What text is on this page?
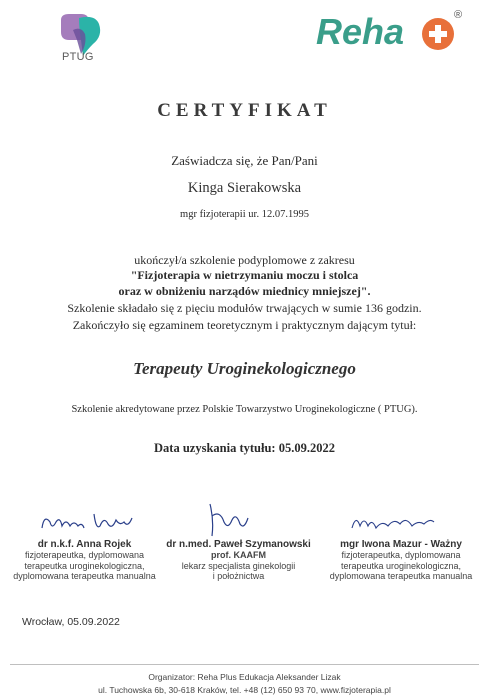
PTUG
Reha	®
CERTYFIKAT
Zaświadcza się, że Pan/Pani
Kinga Sierakowska
mgr fizjoterapii ur. 12.07.1995
ukończył/a szkolenie podyplomowe z zakresu
"Fizjoterapia w nietrzymaniu moczu i stolca
oraz w obniżeniu narządów miednicy mniejszej".
Szkolenie składało się z pięciu modułów trwających w sumie 136 godzin.
Zakończyło się egzaminem teoretycznym i praktycznym dającym tytuł:
Terapeuty Uroginekologicznego
Szkolenie akredytowane przez Polskie Towarzystwo Uroginekologiczne ( PTUG).
Data uzyskania tytułu: 05.09.2022
dr n.k.f. Anna Rojek
fizjoterapeutka, dyplomowana
terapeutka uroginekologiczna,
dyplomowana terapeutka manualna
dr n.med. Paweł Szymanowski
prof. KAAFM
lekarz specjalista ginekologii
i położnictwa
mgr Iwona Mazur - Ważny
fizjoterapeutka, dyplomowana
terapeutka uroginekologiczna,
dyplomowana terapeutka manualna
Wrocław, 05.09.2022
Organizator: Reha Plus Edukacja Aleksander Lizak
ul. Tuchowska 6b, 30-618 Kraków, tel. +48 (12) 650 93 70, www.fizjoterapia.pl
